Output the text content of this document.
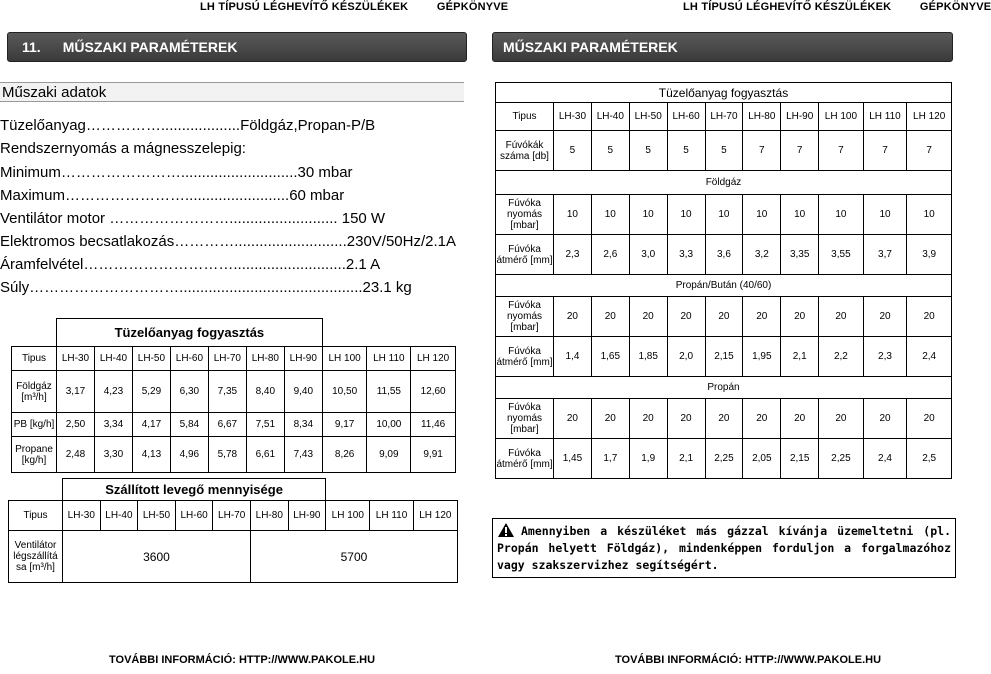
LH TÍPUSÚ LÉGHEVÍTŐ KÉSZÜLÉKEK	GÉPKÖNYVE	LH TÍPUSÚ LÉGHEVÍTŐ KÉSZÜLÉKEK	GÉPKÖNYVE
11. MŰSZAKI PARAMÉTEREK	MŰSZAKI PARAMÉTEREK
Műszaki adatok
Tüzelőanyag……………...................Földgáz,Propan-P/B
Rendszernyomás a mágnesszelepig:
Minimum……………………............................30 mbar
Maximum…………………….........................60 mbar
Ventilátor motor …………………….......................... 150 W
Elektromos becsatlakozás…………...........................230V/50Hz/2.1A
Áramfelvétel…………………………...........................2.1 A
Súly…………………………............................................23.1 kg
	Tüzelőanyag fogyasztás									
Tipus	LH-30	LH-40	LH-50	LH-60	LH-70	LH-80	LH-90	LH 100	LH 110	LH 120
Földgáz [m³/h]	3,17	4,23	5,29	6,30	7,35	8,40	9,40	10,50	11,55	12,60
PB [kg/h]	2,50	3,34	4,17	5,84	6,67	7,51	8,34	9,17	10,00	11,46
Propane [kg/h]	2,48	3,30	4,13	4,96	5,78	6,61	7,43	8,26	9,09	9,91
	Szállított levegő mennyisége									
Tipus	LH-30	LH-40	LH-50	LH-60	LH-70	LH-80	LH-90	LH 100	LH 110	LH 120
Ventilátor légszállítá sa [m³/h]	3600					5700				
Tüzelőanyag fogyasztás										
Tipus	LH-30	LH-40	LH-50	LH-60	LH-70	LH-80	LH-90	LH 100	LH 110	LH 120
Fúvókák száma [db]	5	5	5	5	5	7	7	7	7	7
Földgáz										
Fúvóka nyomás [mbar]	10	10	10	10	10	10	10	10	10	10
Fúvóka átmérő [mm]	2,3	2,6	3,0	3,3	3,6	3,2	3,35	3,55	3,7	3,9
Propán/Bután (40/60)										
Fúvóka nyomás [mbar]	20	20	20	20	20	20	20	20	20	20
Fúvóka átmérő [mm]	1,4	1,65	1,85	2,0	2,15	1,95	2,1	2,2	2,3	2,4
Propán										
Fúvóka nyomás [mbar]	20	20	20	20	20	20	20	20	20	20
Fúvóka átmérő [mm]	1,45	1,7	1,9	2,1	2,25	2,05	2,15	2,25	2,4	2,5
Amennyiben a készüléket más gázzal kívánja üzemeltetni (pl. Propán helyett Földgáz), mindenképpen forduljon a forgalmazóhoz vagy szakszervizhez segítségért.
TOVÁBBI INFORMÁCIÓ: HTTP://WWW.PAKOLE.HU	TOVÁBBI INFORMÁCIÓ: HTTP://WWW.PAKOLE.HU
